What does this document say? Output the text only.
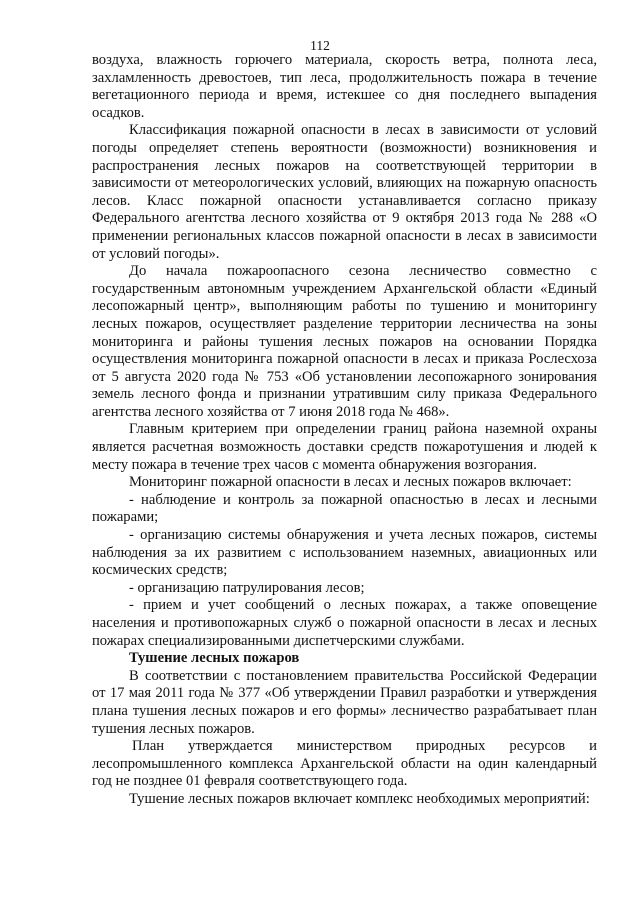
112

воздуха, влажность горючего материала, скорость ветра, полнота леса, захламленность древостоев, тип леса, продолжительность пожара в течение вегетационного периода и время, истекшее со дня последнего выпадения осадков.

Классификация пожарной опасности в лесах в зависимости от условий погоды определяет степень вероятности (возможности) возникновения и распространения лесных пожаров на соответствующей территории в зависимости от метеорологических условий, влияющих на пожарную опасность лесов. Класс пожарной опасности устанавливается согласно приказу Федерального агентства лесного хозяйства от 9 октября 2013 года № 288 «О применении региональных классов пожарной опасности в лесах в зависимости от условий погоды».

До начала пожароопасного сезона лесничество совместно с государственным автономным учреждением Архангельской области «Единый лесопожарный центр», выполняющим работы по тушению и мониторингу лесных пожаров, осуществляет разделение территории лесничества на зоны мониторинга и районы тушения лесных пожаров на основании Порядка осуществления мониторинга пожарной опасности в лесах и приказа Рослесхоза от 5 августа 2020 года № 753 «Об установлении лесопожарного зонирования земель лесного фонда и признании утратившим силу приказа Федерального агентства лесного хозяйства от 7 июня 2018 года № 468».

Главным критерием при определении границ района наземной охраны является расчетная возможность доставки средств пожаротушения и людей к месту пожара в течение трех часов с момента обнаружения возгорания.

Мониторинг пожарной опасности в лесах и лесных пожаров включает:

- наблюдение и контроль за пожарной опасностью в лесах и лесными пожарами;

- организацию системы обнаружения и учета лесных пожаров, системы наблюдения за их развитием с использованием наземных, авиационных или космических средств;

- организацию патрулирования лесов;

- прием и учет сообщений о лесных пожарах, а также оповещение населения и противопожарных служб о пожарной опасности в лесах и лесных пожарах специализированными диспетчерскими службами.

Тушение лесных пожаров

В соответствии с постановлением правительства Российской Федерации от 17 мая 2011 года № 377 «Об утверждении Правил разработки и утверждения плана тушения лесных пожаров и его формы» лесничество разрабатывает план тушения лесных пожаров.

План утверждается министерством природных ресурсов и лесопромышленного комплекса Архангельской области на один календарный год не позднее 01 февраля соответствующего года.

Тушение лесных пожаров включает комплекс необходимых мероприятий:
